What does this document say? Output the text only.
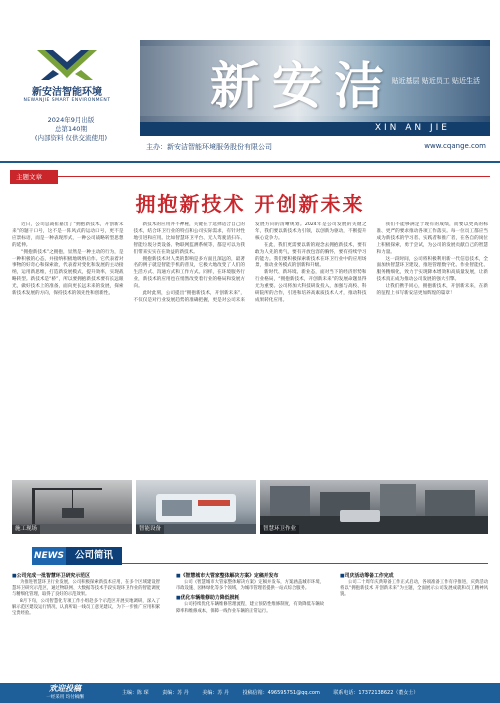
新安洁智能环境
NEWANJIE SMART ENVIRONMENT
2024年9月出版
总第140期
(内部资料 仅供交流使用)
新安洁
贴近基层 贴近员工 贴近生活
XIN AN JIE
主办：新安洁智能环境服务股份有限公司	www.cqange.com
主题文章
拥抱新技术 开创新未来

近日，公司总裁崔嘉出了“拥抱新技术，开创新未来”的题干口号，这不是一阵风式的运动口号，更不是应景标语，而是一种表现形式，一种公司战略转型思想的延伸。

“拥抱新技术”之拥抱，显然是一种主动的行为，是一种积极的心态，并接纳积极地吸纳后作。它代表着对事物的好奇心和探索欲，代表着对变化和发展的主动接纳，运用新思维，打造新发展模式，提升效率，实现战略转型。新技术是“桥”，所以要拥抱新技术要有长远眼光，做好技术上的准备，面向更长远未来的发展，探索新技术发展的方向，保持技术的领先性和创新性。

新技术的应用并不神秘，关键在于选择适合自己的技术，结合环卫行业的特点和公司实际需求，有针对性地引进和应用。比如智慧环卫平台、无人驾驶清扫车、智能垃圾分类设备、物联网监测系统等，都是可以为我们带来实实在在效益的新技术。

拥抱新技术对人类的影响是多方面且深远的，最著名的例子就是智能手机的普及，它极大地改变了人们的生活方式、沟通方式和工作方式。同样，在环境服务行业，新技术的应用也在悄然改变着行业的格局和发展方向。

此时此刻，公司提出“拥抱新技术，开创新未来”，不仅仅是对行业发展趋势的准确把握，更是对公司未来发展方向的清晰规划。2024年是公司发展的关键之年，我们要以新技术为引领，以创新为驱动，不断提升核心竞争力。

在此，我们更需要以新的观念去拥抱新技术，要有敢为人先的勇气，要有开放包容的胸怀，要有持续学习的能力。我们要积极探索新技术在环卫行业中的应用场景，推动业务模式的创新和升级。

新时代、新环境、新业态，面对当下的经济形势和行业格局，“拥抱新技术，开创新未来”的发展命题显得尤为重要。公司将加大科技研发投入，加强与高校、科研院所的合作，引进和培养高素质技术人才，推动科技成果转化应用。

我们不能够满足于现有的成绩，而要以更高的标准、更严的要求推动各项工作落实。每一位员工都应当成为新技术的学习者、实践者和推广者，在各自的岗位上积极探索，勇于尝试，为公司的发展贡献自己的智慧和力量。

这一段时间，公司将积极利用新一代信息技术，全面加快智慧环卫建设，推进管理数字化、作业智能化、服务精细化，致力于实现降本增效和高质量发展，让新技术真正成为推动公司发展的强大引擎。

让我们携手同心，拥抱新技术，开创新未来，在新的征程上书写新安洁更加辉煌的篇章！

施工现场	智能设备	智慧环卫作业
NEWS	公司简讯
■ 公司完成一批智慧环卫研究示范区
为推进智慧环卫行业发展，公司积极探索新技术应用，在多个区域建设智慧环卫研究示范区，通过物联网、大数据等技术手段实现环卫作业的智能调度与精细化管理，取得了良好的示范效果。
8月下旬，公司智慧化专项工作小组赴多个示范区开展实地调研，深入了解示范区建设运行情况，认真听取一线员工意见建议，为下一步推广应用积累宝贵经验。
■ 《智慧城市大管家整体解决方案》定稿并发布
公司《智慧城市大管家整体解决方案》定稿并发布，方案涵盖城市环境、市政设施、园林绿化等多个领域，为城市管理者提供一站式综合服务。
■ 优化车辆维修助力降低损耗
公司持续优化车辆维修管理流程，建立预防性维修制度，有效降低车辆故障率和维修成本，保障一线作业车辆的正常运行。
■ 司庆活动筹备工作完成
公司二十周年庆典筹备工作正式启动，各项准备工作有序推进，庆典活动将以“拥抱新技术 开创新未来”为主题，全面展示公司发展成就和员工精神风貌。
欢迎投稿
一经采用 均付稿酬
主编：陈 琛	责编：苏 丹	美编：苏 丹	投稿信箱：496595751@qq.com	联系电话：17372138622（董女士）
